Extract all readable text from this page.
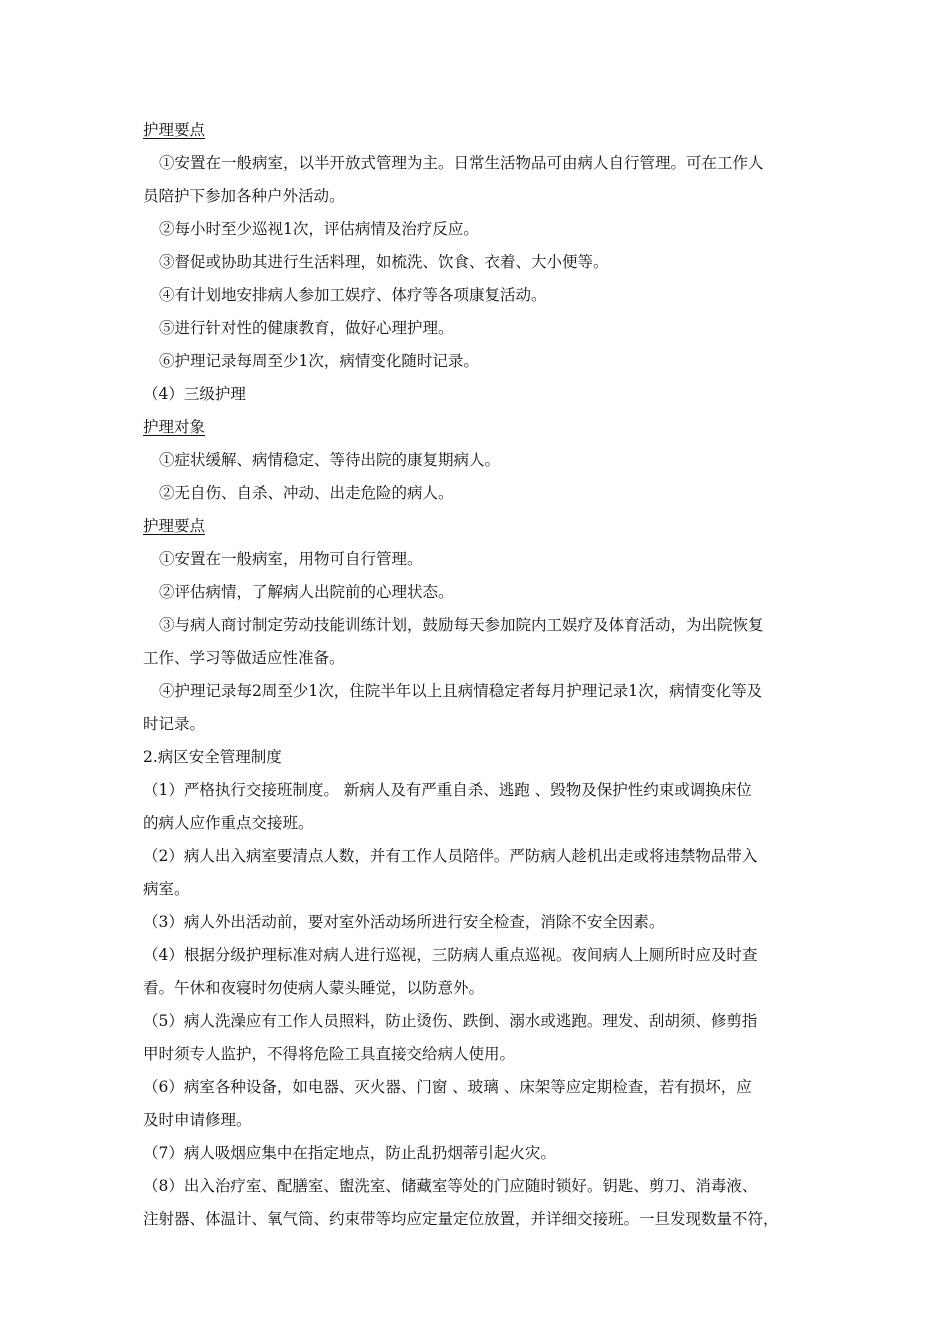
护理要点
①安置在一般病室，以半开放式管理为主。日常生活物品可由病人自行管理。可在工作人
员陪护下参加各种户外活动。
②每小时至少巡视1次，评估病情及治疗反应。
③督促或协助其进行生活料理，如梳洗、饮食、衣着、大小便等。
④有计划地安排病人参加工娱疗、体疗等各项康复活动。
⑤进行针对性的健康教育，做好心理护理。
⑥护理记录每周至少1次，病情变化随时记录。
（4）三级护理
护理对象
①症状缓解、病情稳定、等待出院的康复期病人。
②无自伤、自杀、冲动、出走危险的病人。
护理要点
①安置在一般病室，用物可自行管理。
②评估病情，了解病人出院前的心理状态。
③与病人商讨制定劳动技能训练计划，鼓励每天参加院内工娱疗及体育活动，为出院恢复
工作、学习等做适应性准备。
④护理记录每2周至少1次，住院半年以上且病情稳定者每月护理记录1次，病情变化等及
时记录。
2.病区安全管理制度
（1）严格执行交接班制度。 新病人及有严重自杀、逃跑 、毁物及保护性约束或调换床位
的病人应作重点交接班。
（2）病人出入病室要清点人数，并有工作人员陪伴。严防病人趁机出走或将违禁物品带入
病室。
（3）病人外出活动前，要对室外活动场所进行安全检查，消除不安全因素。
（4）根据分级护理标准对病人进行巡视，三防病人重点巡视。夜间病人上厕所时应及时查
看。午休和夜寝时勿使病人蒙头睡觉，以防意外。
（5）病人洗澡应有工作人员照料，防止烫伤、跌倒、溺水或逃跑。理发、刮胡须、修剪指
甲时须专人监护，不得将危险工具直接交给病人使用。
（6）病室各种设备，如电器、灭火器、门窗 、玻璃 、床架等应定期检查，若有损坏，应
及时申请修理。
（7）病人吸烟应集中在指定地点，防止乱扔烟蒂引起火灾。
（8）出入治疗室、配膳室、盥洗室、储藏室等处的门应随时锁好。钥匙、剪刀、消毒液、
注射器、体温计、氧气筒、约束带等均应定量定位放置，并详细交接班。一旦发现数量不符，
